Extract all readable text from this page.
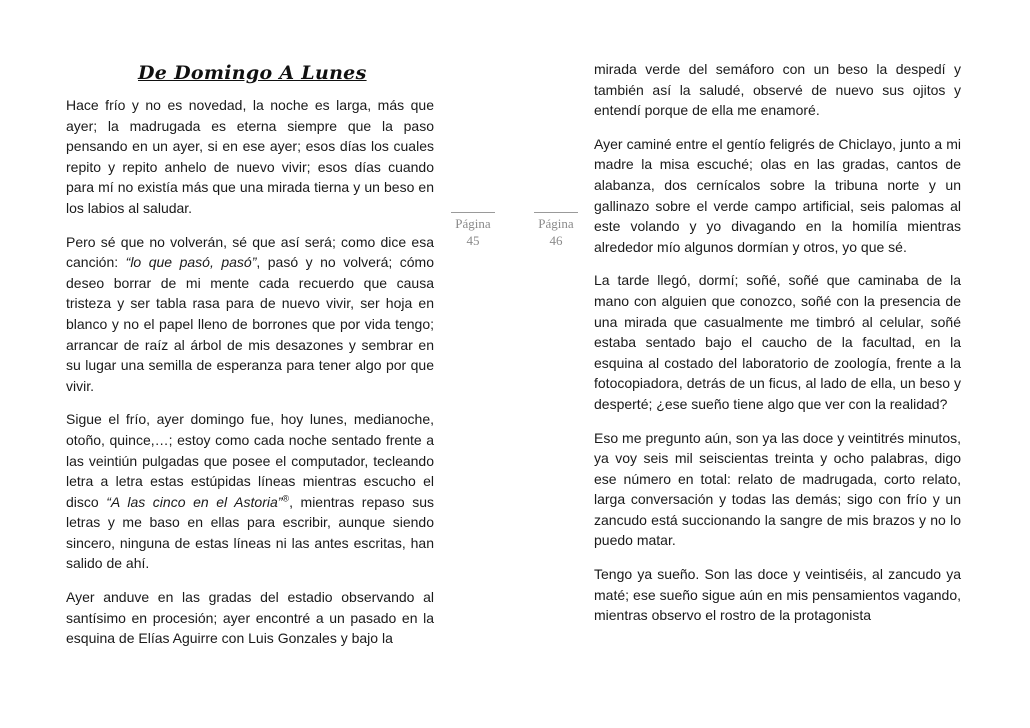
De Domingo A Lunes

Hace frío y no es novedad, la noche es larga, más que ayer; la madrugada es eterna siempre que la paso pensando en un ayer, si en ese ayer; esos días los cuales repito y repito anhelo de nuevo vivir; esos días cuando para mí no existía más que una mirada tierna y un beso en los labios al saludar.

Pero sé que no volverán, sé que así será; como dice esa canción: “lo que pasó, pasó”, pasó y no volverá; cómo deseo borrar de mi mente cada recuerdo que causa tristeza y ser tabla rasa para de nuevo vivir, ser hoja en blanco y no el papel lleno de borrones que por vida tengo; arrancar de raíz al árbol de mis desazones y sembrar en su lugar una semilla de esperanza para tener algo por que vivir.

Sigue el frío, ayer domingo fue, hoy lunes, medianoche, otoño, quince,…; estoy como cada noche sentado frente a las veintiún pulgadas que posee el computador, tecleando letra a letra estas estúpidas líneas mientras escucho el disco “A las cinco en el Astoria”®, mientras repaso sus letras y me baso en ellas para escribir, aunque siendo sincero, ninguna de estas líneas ni las antes escritas, han salido de ahí.

Ayer anduve en las gradas del estadio observando al santísimo en procesión; ayer encontré a un pasado en la esquina de Elías Aguirre con Luis Gonzales y bajo la

Página
45
Página
46

mirada verde del semáforo con un beso la despedí y también así la saludé, observé de nuevo sus ojitos y entendí porque de ella me enamoré.

Ayer caminé entre el gentío feligrés de Chiclayo, junto a mi madre la misa escuché; olas en las gradas, cantos de alabanza, dos cernícalos sobre la tribuna norte y un gallinazo sobre el verde campo artificial, seis palomas al este volando y yo divagando en la homilía mientras alrededor mío algunos dormían y otros, yo que sé.

La tarde llegó, dormí; soñé, soñé que caminaba de la mano con alguien que conozco, soñé con la presencia de una mirada que casualmente me timbró al celular, soñé estaba sentado bajo el caucho de la facultad, en la esquina al costado del laboratorio de zoología, frente a la fotocopiadora, detrás de un ficus, al lado de ella, un beso y desperté; ¿ese sueño tiene algo que ver con la realidad?

Eso me pregunto aún, son ya las doce y veintitrés minutos, ya voy seis mil seiscientas treinta y ocho palabras, digo ese número en total: relato de madrugada, corto relato, larga conversación y todas las demás; sigo con frío y un zancudo está succionando la sangre de mis brazos y no lo puedo matar.

Tengo ya sueño. Son las doce y veintiséis, al zancudo ya maté; ese sueño sigue aún en mis pensamientos vagando, mientras observo el rostro de la protagonista
